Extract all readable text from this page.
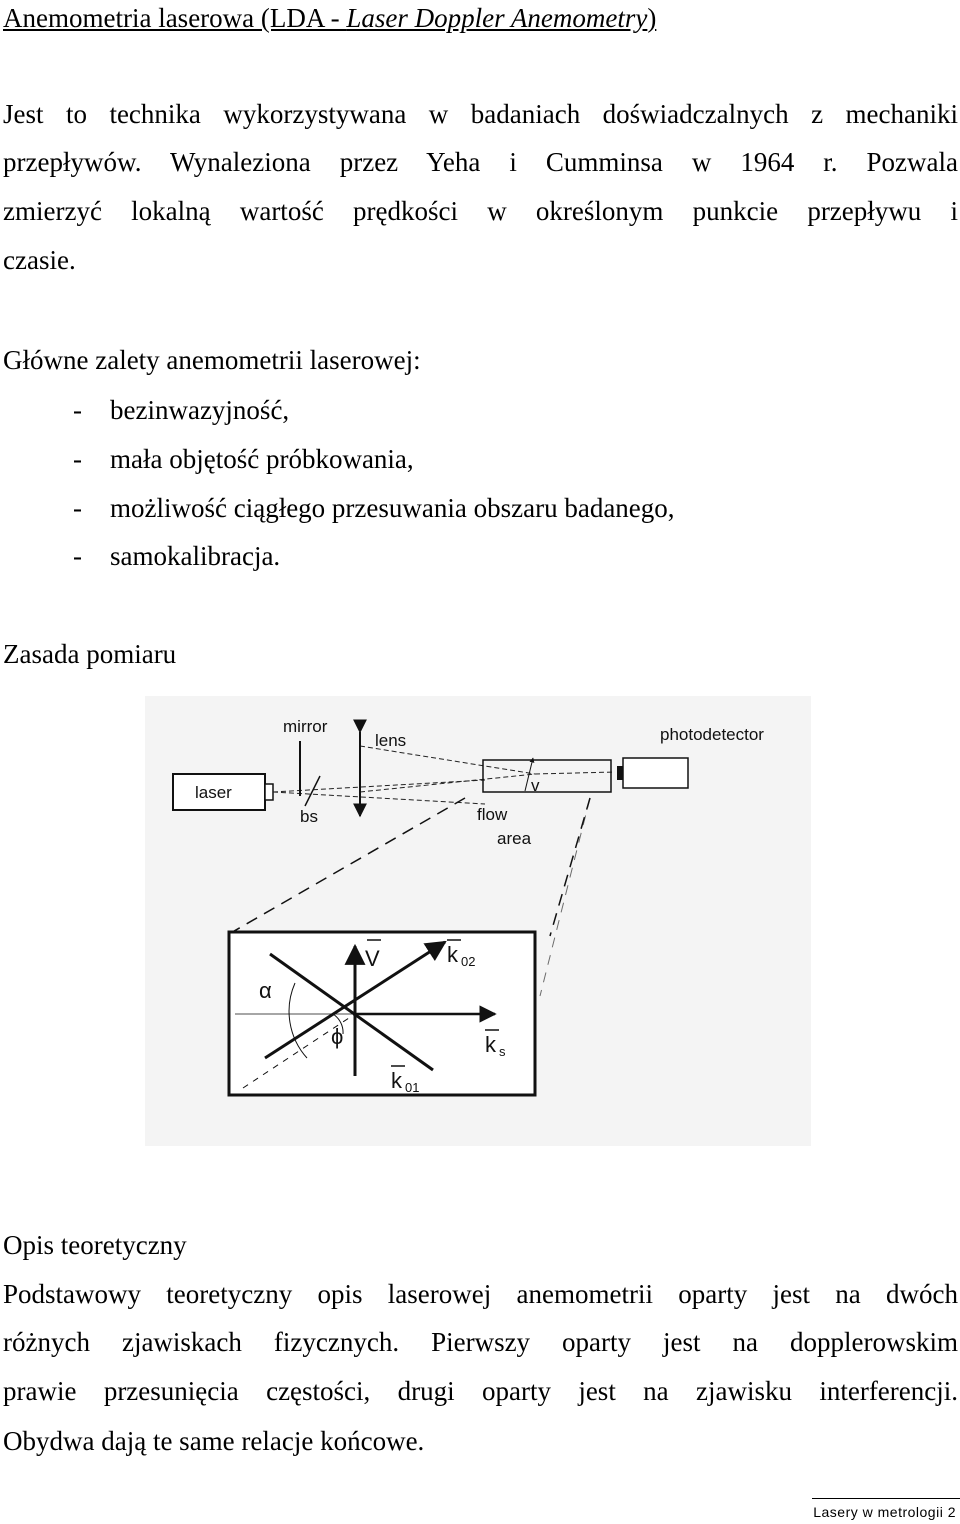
Anemometria laserowa (LDA - Laser Doppler Anemometry)
Jest to technika wykorzystywana w badaniach doświadczalnych z mechaniki
przepływów. Wynaleziona przez Yeha i Cumminsa w 1964 r. Pozwala
zmierzyć lokalną wartość prędkości w określonym punkcie przepływu i
czasie.
Główne zalety anemometrii laserowej:
- bezinwazyjność,
- mała objętość próbkowania,
- możliwość ciągłego przesuwania obszaru badanego,
- samokalibracja.
Zasada pomiaru
laser
mirror
bs
lens
v
flow
area
photodetector
α
ϕ
V	k 02
ks
k 01
Opis teoretyczny
Podstawowy teoretyczny opis laserowej anemometrii oparty jest na dwóch
różnych zjawiskach fizycznych. Pierwszy oparty jest na dopplerowskim
prawie przesunięcia częstości, drugi oparty jest na zjawisku interferencji.
Obydwa dają te same relacje końcowe.
Lasery w metrologii 2
